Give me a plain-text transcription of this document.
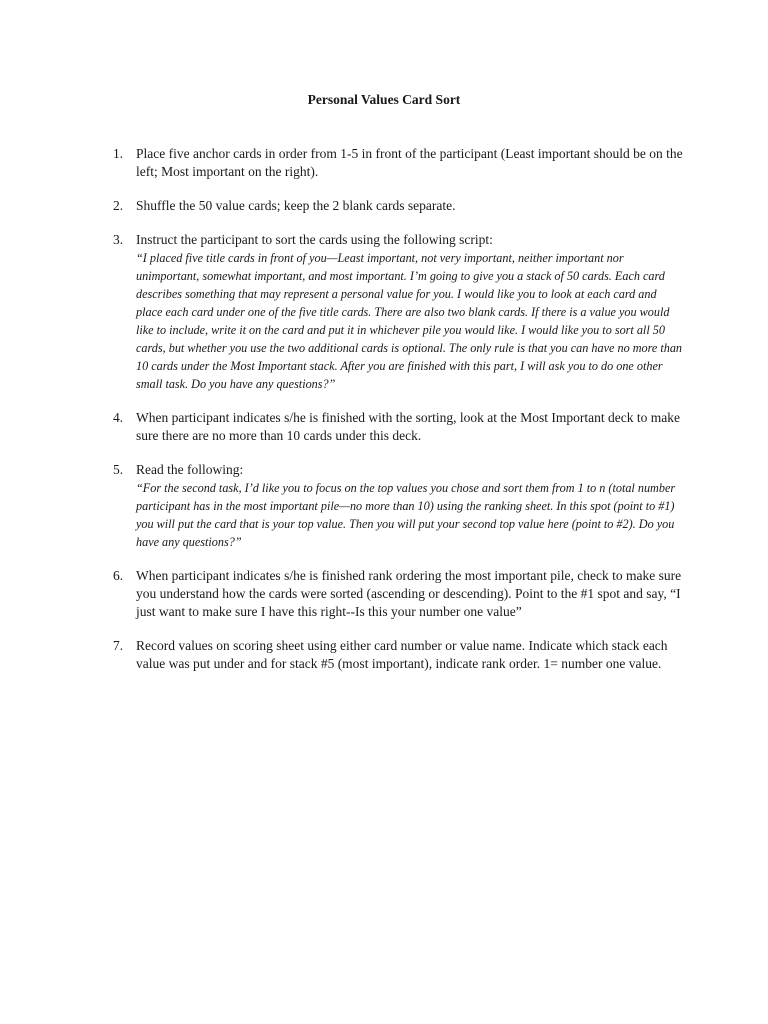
Personal Values Card Sort
1. Place five anchor cards in order from 1-5 in front of the participant (Least important should be on the left; Most important on the right).
2. Shuffle the 50 value cards; keep the 2 blank cards separate.
3. Instruct the participant to sort the cards using the following script:
“I placed five title cards in front of you—Least important, not very important, neither important nor unimportant, somewhat important, and most important. I’m going to give you a stack of 50 cards. Each card describes something that may represent a personal value for you. I would like you to look at each card and place each card under one of the five title cards. There are also two blank cards. If there is a value you would like to include, write it on the card and put it in whichever pile you would like. I would like you to sort all 50 cards, but whether you use the two additional cards is optional. The only rule is that you can have no more than 10 cards under the Most Important stack. After you are finished with this part, I will ask you to do one other small task. Do you have any questions?”
4. When participant indicates s/he is finished with the sorting, look at the Most Important deck to make sure there are no more than 10 cards under this deck.
5. Read the following:
“For the second task, I’d like you to focus on the top values you chose and sort them from 1 to n (total number participant has in the most important pile—no more than 10) using the ranking sheet. In this spot (point to #1) you will put the card that is your top value. Then you will put your second top value here (point to #2). Do you have any questions?”
6. When participant indicates s/he is finished rank ordering the most important pile, check to make sure you understand how the cards were sorted (ascending or descending). Point to the #1 spot and say, “I just want to make sure I have this right--Is this your number one value”
7. Record values on scoring sheet using either card number or value name. Indicate which stack each value was put under and for stack #5 (most important), indicate rank order. 1= number one value.
